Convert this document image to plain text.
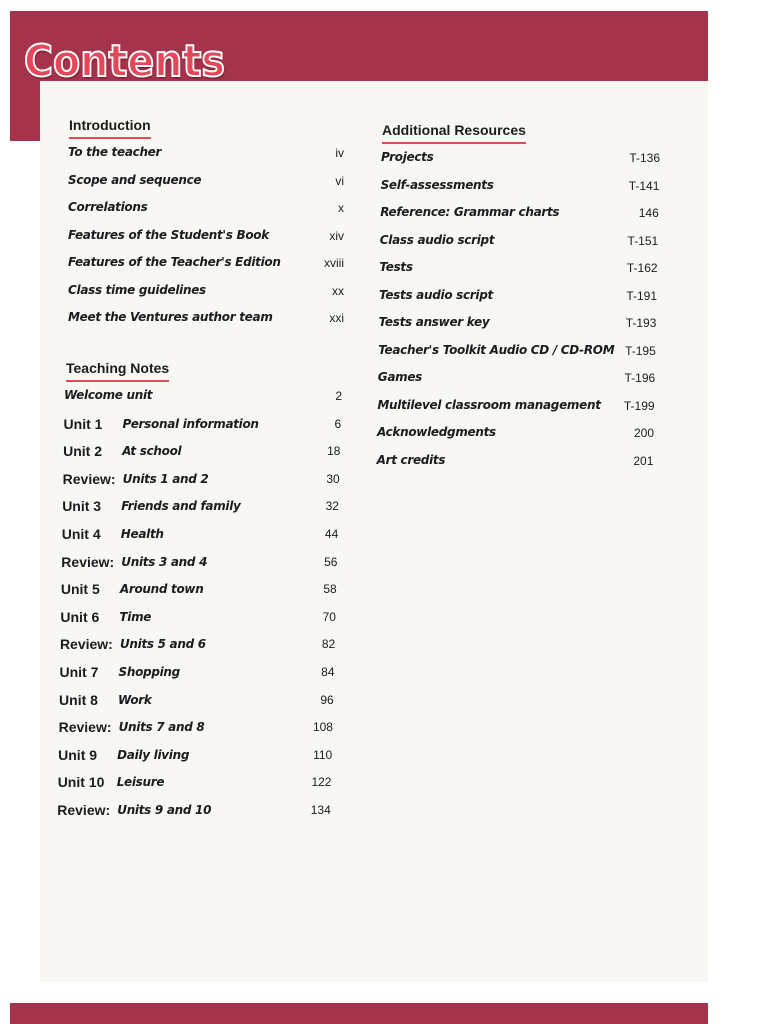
Contents
Introduction
Teaching Notes
Additional Resources
To the teacher	iv
Scope and sequence	vi
Correlations	x
Features of the Student's Book	xiv
Features of the Teacher's Edition	xviii
Class time guidelines	xx
Meet the Ventures author team	xxi
Welcome unit	2
Unit 1 Personal information	6
Unit 2 At school	18
Review: Units 1 and 2	30
Unit 3 Friends and family	32
Unit 4 Health	44
Review: Units 3 and 4	56
Unit 5 Around town	58
Unit 6 Time	70
Review: Units 5 and 6	82
Unit 7 Shopping	84
Unit 8 Work	96
Review: Units 7 and 8	108
Unit 9 Daily living	110
Unit 10 Leisure	122
Review: Units 9 and 10	134
Projects	T-136
Self-assessments	T-141
Reference: Grammar charts	146
Class audio script	T-151
Tests	T-162
Tests audio script	T-191
Tests answer key	T-193
Teacher's Toolkit Audio CD / CD-ROM T-195
Games	T-196
Multilevel classroom management	T-199
Acknowledgments	200
Art credits	201
